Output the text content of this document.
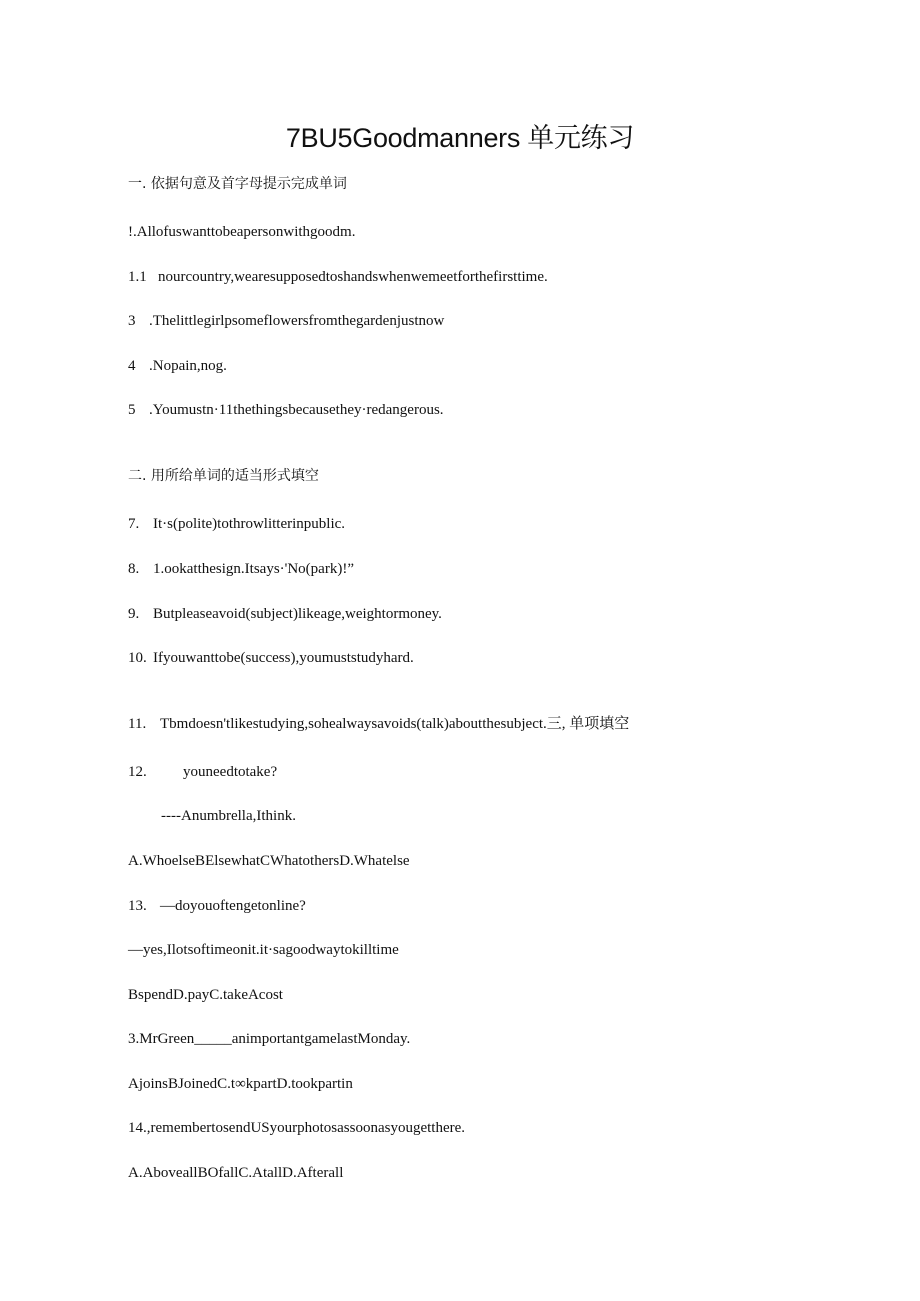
7BU5Goodmanners 单元练习
一. 依据句意及首字母提示完成单词
!.Allofuswanttobeapersonwithgoodm.
1.1 nourcountry,wearesupposedtoshandswhenwemeetforthefirsttime.
3 .Thelittlegirlpsomeflowersfromthegardenjustnow
4 .Nopain,nog.
5 .Youmustn·11thethingsbecausethey·redangerous.
二. 用所给单词的适当形式填空
7. It·s(polite)tothrowlitterinpublic.
8. 1.ookatthesign.Itsays·'No(park)!”
9. Butpleaseavoid(subject)likeage,weightormoney.
10. Ifyouwanttobe(success),youmuststudyhard.
11. Tbmdoesn'tlikestudying,sohealwaysavoids(talk)aboutthesubject.三, 单项填空
12. youneedtotake?
----Anumbrella,Ithink.
A.WhoelseBElsewhatCWhatothersD.Whatelse
13. —doyouoftengetonline?
—yes,Ilotsoftimeonit.it·sagoodwaytokilltime
BspendD.payC.takeAcost
3.MrGreen_____animportantgamelastMonday.
AjoinsBJoinedC.t∞kpartD.tookpartin
14.,remembertosendUSyourphotosassoonasyougetthere.
A.AboveallBOfallC.AtallD.Afterall
